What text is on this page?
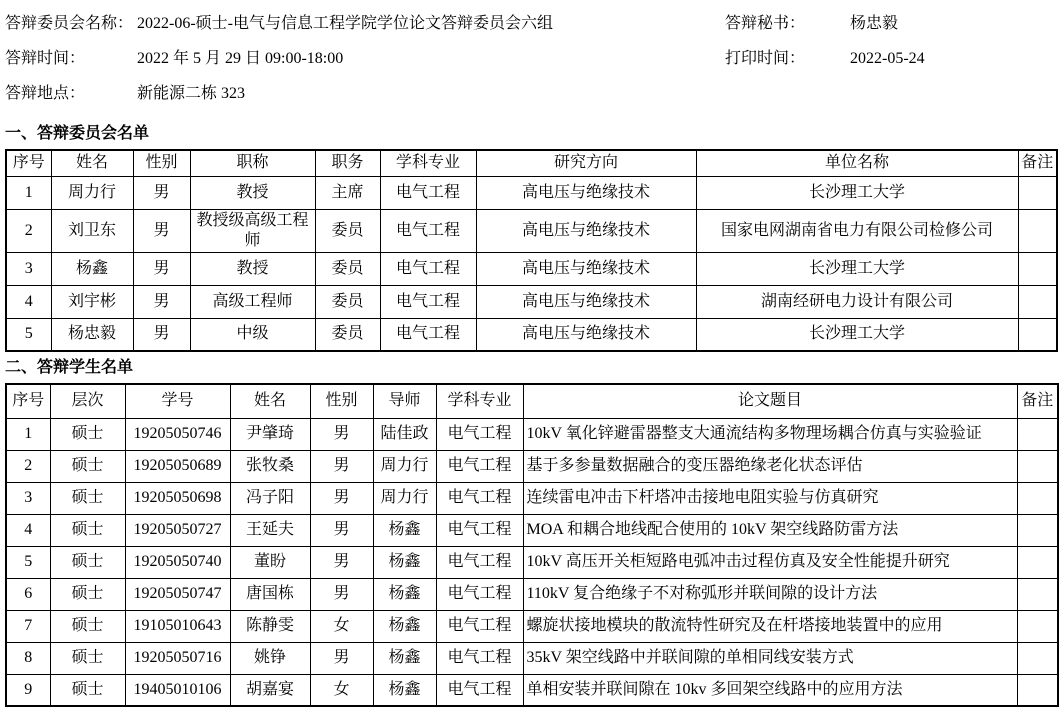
答辩委员会名称： 2022-06-硕士-电气与信息工程学院学位论文答辩委员会六组
答辩时间：	2022 年 5 月 29 日 09:00-18:00
答辩地点：	新能源二栋 323
答辩秘书：	杨忠毅
打印时间：	2022-05-24
一、答辩委员会名单
序号	姓名	性别	职称	职务	学科专业	研究方向	单位名称	备注
1	周力行	男	教授	主席	电气工程	高电压与绝缘技术	长沙理工大学	
2	刘卫东	男	教授级高级工程师	委员	电气工程	高电压与绝缘技术	国家电网湖南省电力有限公司检修公司	
3	杨鑫	男	教授	委员	电气工程	高电压与绝缘技术	长沙理工大学	
4	刘宇彬	男	高级工程师	委员	电气工程	高电压与绝缘技术	湖南经研电力设计有限公司	
5	杨忠毅	男	中级	委员	电气工程	高电压与绝缘技术	长沙理工大学	
二、答辩学生名单
序号	层次	学号	姓名	性别	导师	学科专业	论文题目	备注
1	硕士	19205050746	尹肇琦	男	陆佳政	电气工程	10kV 氧化锌避雷器整支大通流结构多物理场耦合仿真与实验验证	
2	硕士	19205050689	张牧桑	男	周力行	电气工程	基于多参量数据融合的变压器绝缘老化状态评估	
3	硕士	19205050698	冯子阳	男	周力行	电气工程	连续雷电冲击下杆塔冲击接地电阻实验与仿真研究	
4	硕士	19205050727	王延夫	男	杨鑫	电气工程	MOA 和耦合地线配合使用的 10kV 架空线路防雷方法	
5	硕士	19205050740	董盼	男	杨鑫	电气工程	10kV 高压开关柜短路电弧冲击过程仿真及安全性能提升研究	
6	硕士	19205050747	唐国栋	男	杨鑫	电气工程	110kV 复合绝缘子不对称弧形并联间隙的设计方法	
7	硕士	19105010643	陈静雯	女	杨鑫	电气工程	螺旋状接地模块的散流特性研究及在杆塔接地装置中的应用	
8	硕士	19205050716	姚铮	男	杨鑫	电气工程	35kV 架空线路中并联间隙的单相同线安装方式	
9	硕士	19405010106	胡嘉宴	女	杨鑫	电气工程	单相安装并联间隙在 10kv 多回架空线路中的应用方法	
